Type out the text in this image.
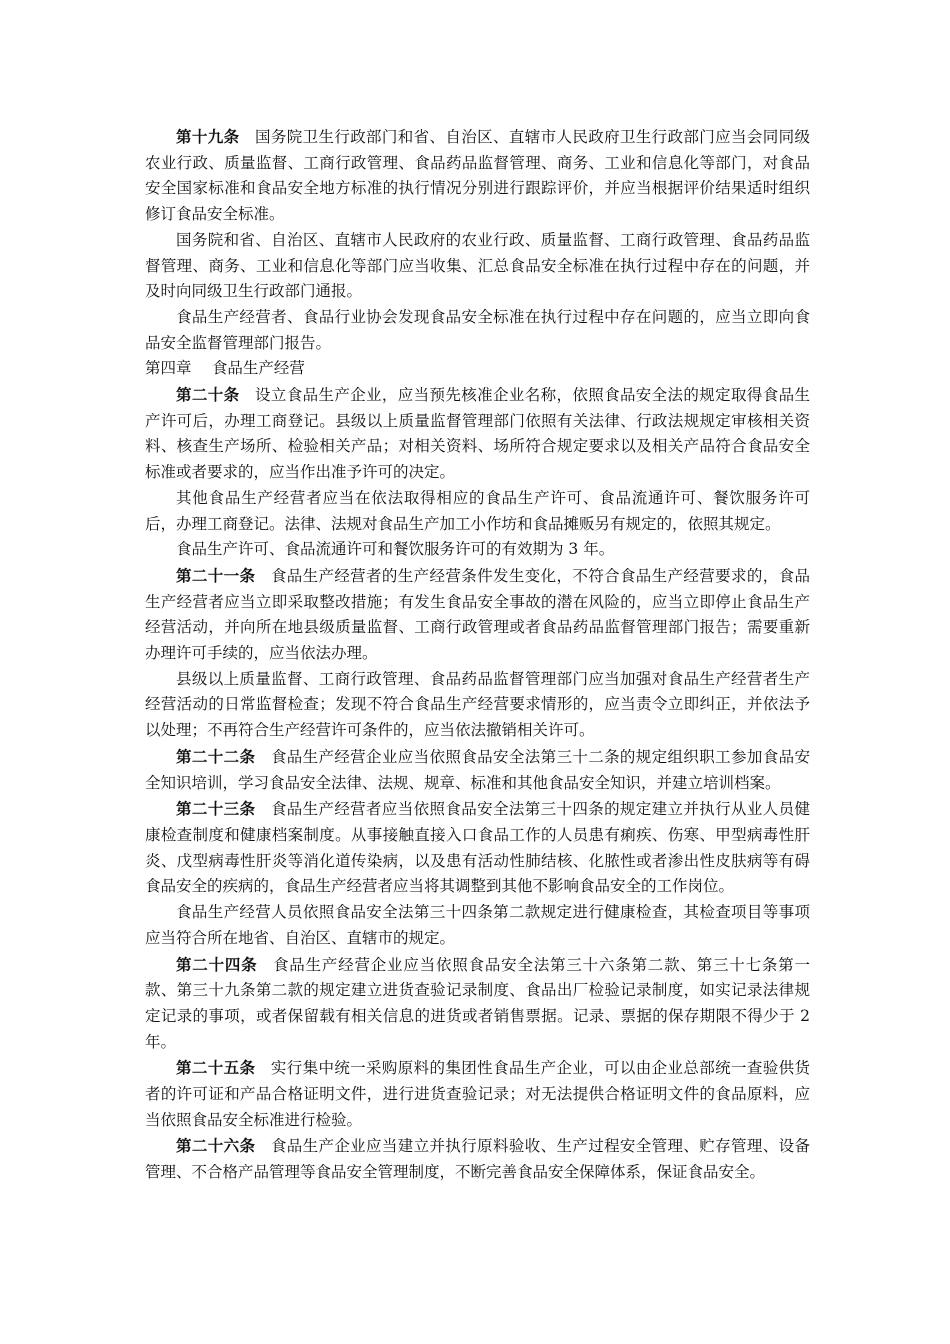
第十九条 国务院卫生行政部门和省、自治区、直辖市人民政府卫生行政部门应当会同同级农业行政、质量监督、工商行政管理、食品药品监督管理、商务、工业和信息化等部门，对食品安全国家标准和食品安全地方标准的执行情况分别进行跟踪评价，并应当根据评价结果适时组织修订食品安全标准。

国务院和省、自治区、直辖市人民政府的农业行政、质量监督、工商行政管理、食品药品监督管理、商务、工业和信息化等部门应当收集、汇总食品安全标准在执行过程中存在的问题，并及时向同级卫生行政部门通报。

食品生产经营者、食品行业协会发现食品安全标准在执行过程中存在问题的，应当立即向食品安全监督管理部门报告。

第四章　 食品生产经营

第二十条 设立食品生产企业，应当预先核准企业名称，依照食品安全法的规定取得食品生产许可后，办理工商登记。县级以上质量监督管理部门依照有关法律、行政法规规定审核相关资料、核查生产场所、检验相关产品；对相关资料、场所符合规定要求以及相关产品符合食品安全标准或者要求的，应当作出准予许可的决定。

其他食品生产经营者应当在依法取得相应的食品生产许可、食品流通许可、餐饮服务许可后，办理工商登记。法律、法规对食品生产加工小作坊和食品摊贩另有规定的，依照其规定。

食品生产许可、食品流通许可和餐饮服务许可的有效期为 3 年。

第二十一条 食品生产经营者的生产经营条件发生变化，不符合食品生产经营要求的，食品生产经营者应当立即采取整改措施；有发生食品安全事故的潜在风险的，应当立即停止食品生产经营活动，并向所在地县级质量监督、工商行政管理或者食品药品监督管理部门报告；需要重新办理许可手续的，应当依法办理。

县级以上质量监督、工商行政管理、食品药品监督管理部门应当加强对食品生产经营者生产经营活动的日常监督检查；发现不符合食品生产经营要求情形的，应当责令立即纠正，并依法予以处理；不再符合生产经营许可条件的，应当依法撤销相关许可。

第二十二条 食品生产经营企业应当依照食品安全法第三十二条的规定组织职工参加食品安全知识培训，学习食品安全法律、法规、规章、标准和其他食品安全知识，并建立培训档案。

第二十三条 食品生产经营者应当依照食品安全法第三十四条的规定建立并执行从业人员健康检查制度和健康档案制度。从事接触直接入口食品工作的人员患有痢疾、伤寒、甲型病毒性肝炎、戊型病毒性肝炎等消化道传染病，以及患有活动性肺结核、化脓性或者渗出性皮肤病等有碍食品安全的疾病的，食品生产经营者应当将其调整到其他不影响食品安全的工作岗位。

食品生产经营人员依照食品安全法第三十四条第二款规定进行健康检查，其检查项目等事项应当符合所在地省、自治区、直辖市的规定。

第二十四条 食品生产经营企业应当依照食品安全法第三十六条第二款、第三十七条第一款、第三十九条第二款的规定建立进货查验记录制度、食品出厂检验记录制度，如实记录法律规定记录的事项，或者保留载有相关信息的进货或者销售票据。记录、票据的保存期限不得少于 2 年。

第二十五条 实行集中统一采购原料的集团性食品生产企业，可以由企业总部统一查验供货者的许可证和产品合格证明文件，进行进货查验记录；对无法提供合格证明文件的食品原料，应当依照食品安全标准进行检验。

第二十六条 食品生产企业应当建立并执行原料验收、生产过程安全管理、贮存管理、设备管理、不合格产品管理等食品安全管理制度，不断完善食品安全保障体系，保证食品安全。
